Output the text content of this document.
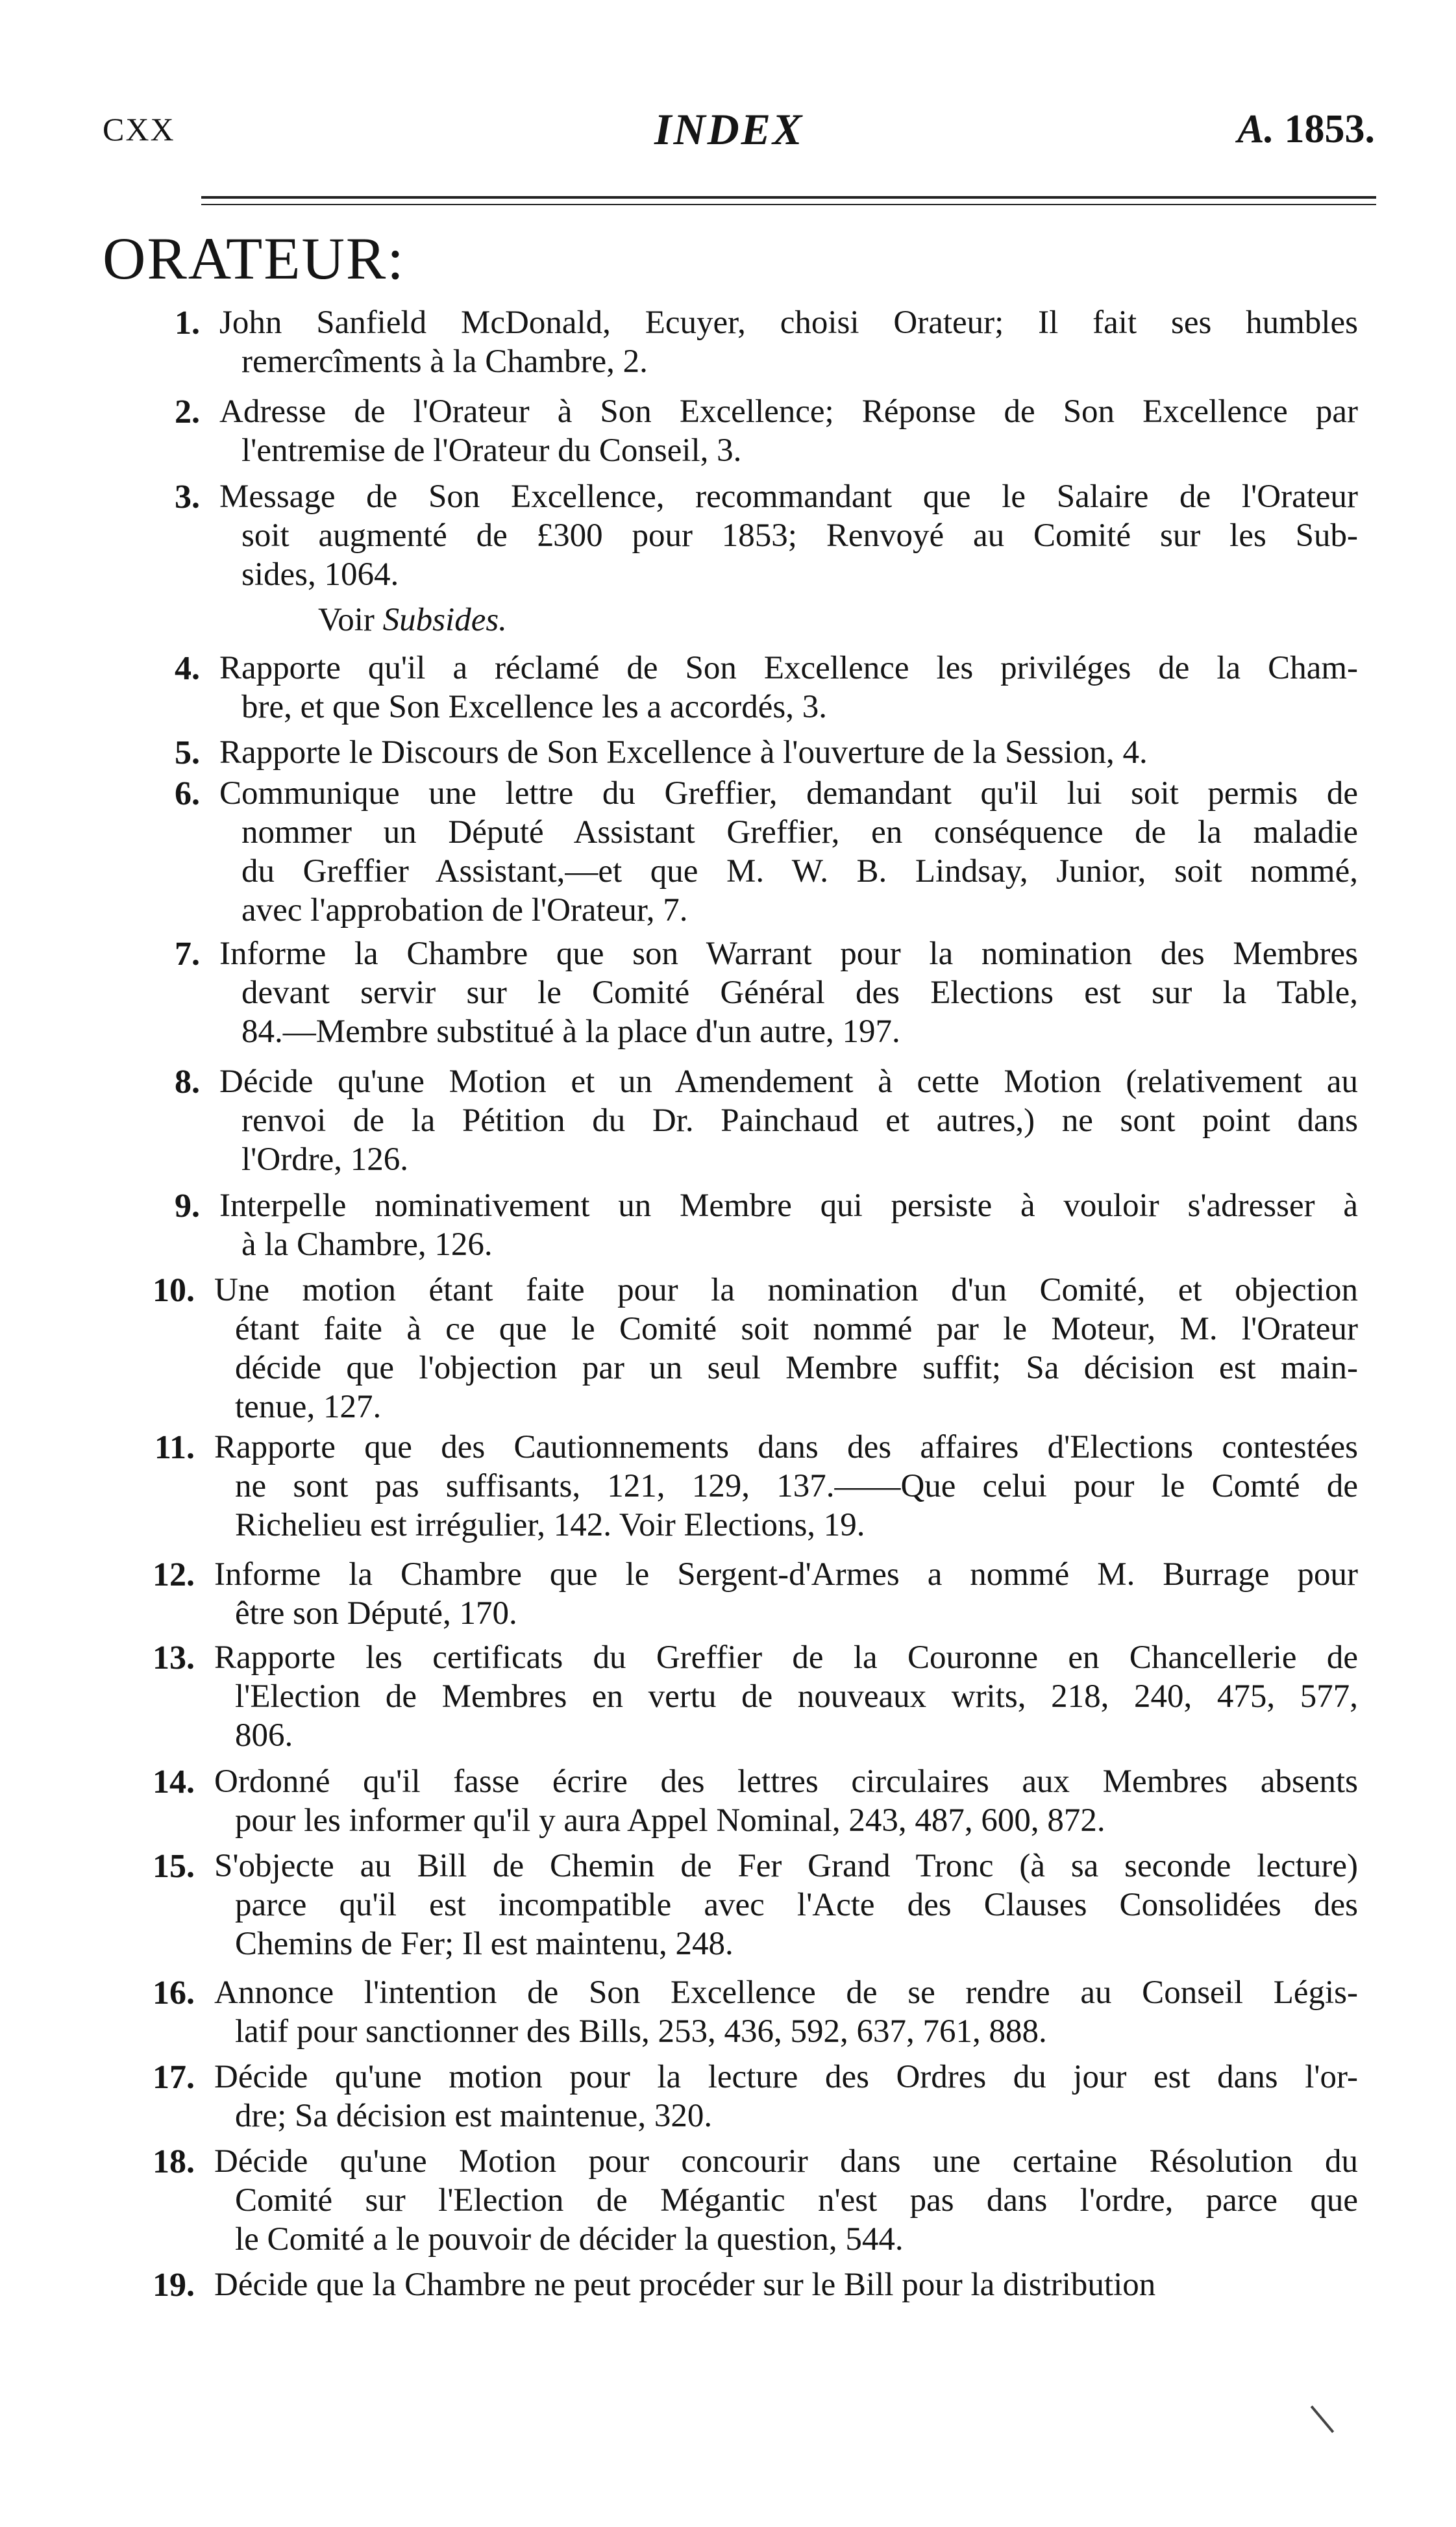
CXX	INDEX	A. 1853.
ORATEUR:
1. John Sanfield McDonald, Ecuyer, choisi Orateur; Il fait ses humbles
remercîments à la Chambre, 2.
2. Adresse de l'Orateur à Son Excellence; Réponse de Son Excellence par
l'entremise de l'Orateur du Conseil, 3.
3. Message de Son Excellence, recommandant que le Salaire de l'Orateur
soit augmenté de £300 pour 1853; Renvoyé au Comité sur les Sub-
sides, 1064.
Voir Subsides.
4. Rapporte qu'il a réclamé de Son Excellence les priviléges de la Cham-
bre, et que Son Excellence les a accordés, 3.
5. Rapporte le Discours de Son Excellence à l'ouverture de la Session, 4.
6. Communique une lettre du Greffier, demandant qu'il lui soit permis de
nommer un Député Assistant Greffier, en conséquence de la maladie
du Greffier Assistant,—et que M. W. B. Lindsay, Junior, soit nommé,
avec l'approbation de l'Orateur, 7.
7. Informe la Chambre que son Warrant pour la nomination des Membres
devant servir sur le Comité Général des Elections est sur la Table,
84.—Membre substitué à la place d'un autre, 197.
8. Décide qu'une Motion et un Amendement à cette Motion (relativement au
renvoi de la Pétition du Dr. Painchaud et autres,) ne sont point dans
l'Ordre, 126.
9. Interpelle nominativement un Membre qui persiste à vouloir s'adresser à
à la Chambre, 126.
10. Une motion étant faite pour la nomination d'un Comité, et objection
étant faite à ce que le Comité soit nommé par le Moteur, M. l'Orateur
décide que l'objection par un seul Membre suffit; Sa décision est main-
tenue, 127.
11. Rapporte que des Cautionnements dans des affaires d'Elections contestées
ne sont pas suffisants, 121, 129, 137.——Que celui pour le Comté de
Richelieu est irrégulier, 142. Voir Elections, 19.
12. Informe la Chambre que le Sergent-d'Armes a nommé M. Burrage pour
être son Député, 170.
13. Rapporte les certificats du Greffier de la Couronne en Chancellerie de
l'Election de Membres en vertu de nouveaux writs, 218, 240, 475, 577,
806.
14. Ordonné qu'il fasse écrire des lettres circulaires aux Membres absents
pour les informer qu'il y aura Appel Nominal, 243, 487, 600, 872.
15. S'objecte au Bill de Chemin de Fer Grand Tronc (à sa seconde lecture)
parce qu'il est incompatible avec l'Acte des Clauses Consolidées des
Chemins de Fer; Il est maintenu, 248.
16. Annonce l'intention de Son Excellence de se rendre au Conseil Légis-
latif pour sanctionner des Bills, 253, 436, 592, 637, 761, 888.
17. Décide qu'une motion pour la lecture des Ordres du jour est dans l'or-
dre; Sa décision est maintenue, 320.
18. Décide qu'une Motion pour concourir dans une certaine Résolution du
Comité sur l'Election de Mégantic n'est pas dans l'ordre, parce que
le Comité a le pouvoir de décider la question, 544.
19. Décide que la Chambre ne peut procéder sur le Bill pour la distribution
